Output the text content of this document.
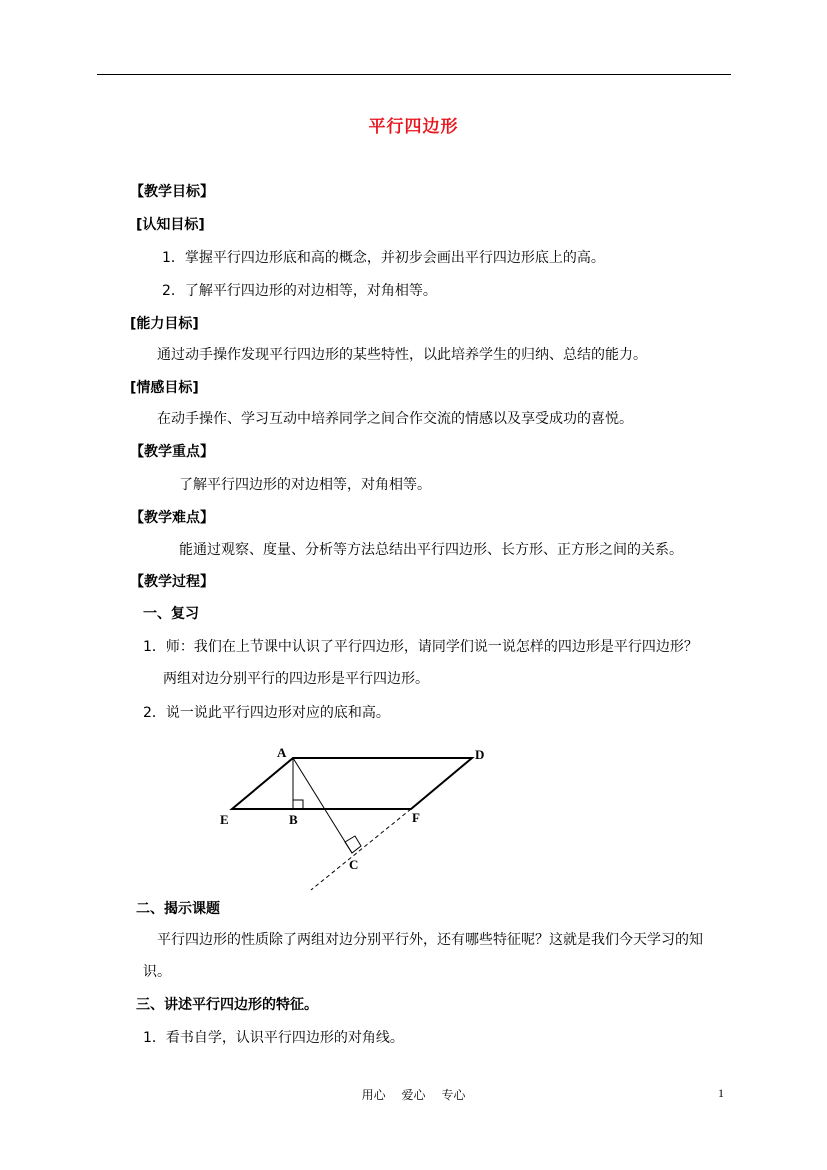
平行四边形
【教学目标】
[认知目标]
1．掌握平行四边形底和高的概念，并初步会画出平行四边形底上的高。
2．了解平行四边形的对边相等，对角相等。
[能力目标]
通过动手操作发现平行四边形的某些特性，以此培养学生的归纳、总结的能力。
[情感目标]
在动手操作、学习互动中培养同学之间合作交流的情感以及享受成功的喜悦。
【教学重点】
了解平行四边形的对边相等，对角相等。
【教学难点】
能通过观察、度量、分析等方法总结出平行四边形、长方形、正方形之间的关系。
【教学过程】
一、复习
1．师：我们在上节课中认识了平行四边形，请同学们说一说怎样的四边形是平行四边形？
两组对边分别平行的四边形是平行四边形。
2．说一说此平行四边形对应的底和高。
A	D
E	B	F
C
二、揭示课题
平行四边形的性质除了两组对边分别平行外，还有哪些特征呢？这就是我们今天学习的知
识。
三、讲述平行四边形的特征。
1．看书自学，认识平行四边形的对角线。
用心 爱心 专心	1
